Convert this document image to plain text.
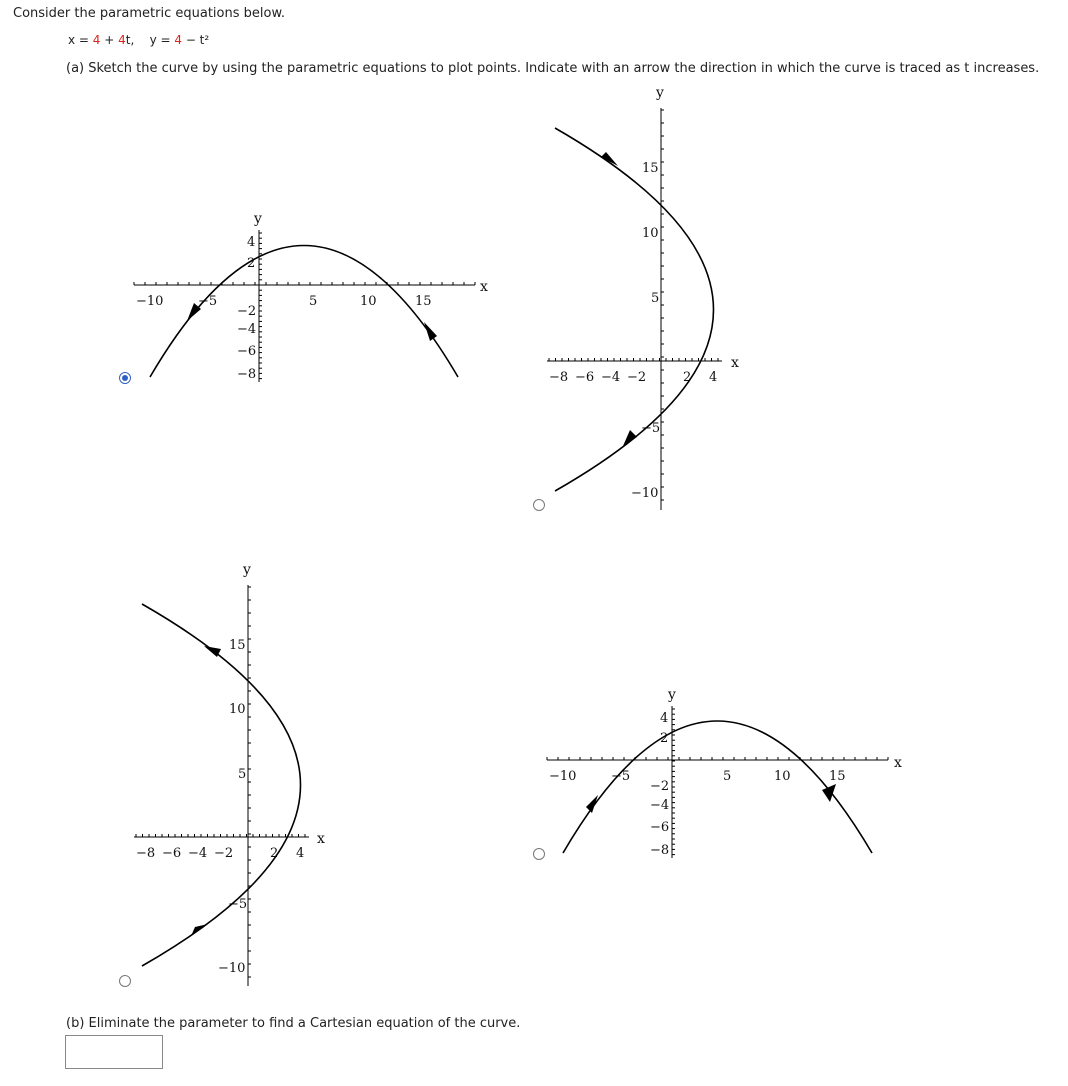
Consider the parametric equations below.
x = 4 + 4t, y = 4 − t²
(a) Sketch the curve by using the parametric equations to plot points. Indicate with an arrow the direction in which the curve is traced as t increases.
x
y
−10	−5	5	10	15
4
2
−2
−4
−6
−8
x
y
−8 −6 −4 −2	2 4
15
10
5
−5
−10
x
y
−8 −6 −4 −2	2 4
15
10
5
−5
−10
x
y
−10	−5	5	10	15
4
2
−2
−4
−6
−8
(b) Eliminate the parameter to find a Cartesian equation of the curve.
